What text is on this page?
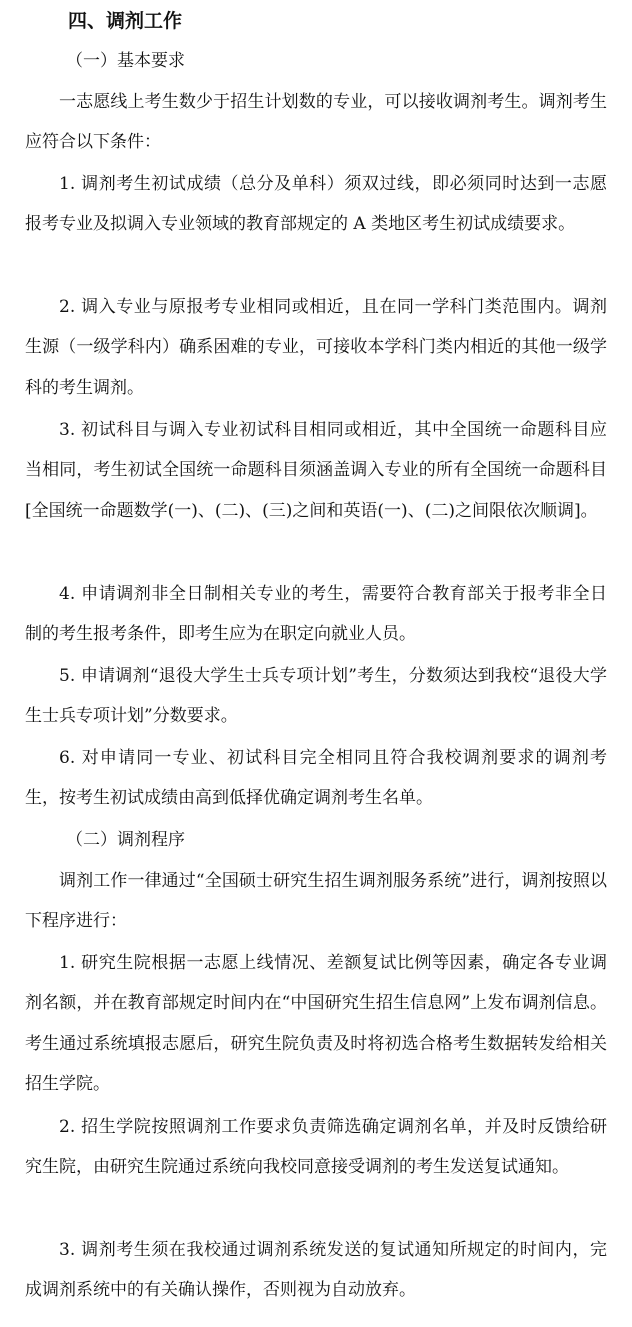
四、调剂工作
（一）基本要求

一志愿线上考生数少于招生计划数的专业，可以接收调剂考生。调剂考生应符合以下条件：

1. 调剂考生初试成绩（总分及单科）须双过线，即必须同时达到一志愿报考专业及拟调入专业领域的教育部规定的 A 类地区考生初试成绩要求。

2. 调入专业与原报考专业相同或相近，且在同一学科门类范围内。调剂生源（一级学科内）确系困难的专业，可接收本学科门类内相近的其他一级学科的考生调剂。

3. 初试科目与调入专业初试科目相同或相近，其中全国统一命题科目应当相同，考生初试全国统一命题科目须涵盖调入专业的所有全国统一命题科目[全国统一命题数学(一)、(二)、(三)之间和英语(一)、(二)之间限依次顺调]。

4. 申请调剂非全日制相关专业的考生，需要符合教育部关于报考非全日制的考生报考条件，即考生应为在职定向就业人员。

5. 申请调剂“退役大学生士兵专项计划”考生，分数须达到我校“退役大学生士兵专项计划”分数要求。

6. 对申请同一专业、初试科目完全相同且符合我校调剂要求的调剂考生，按考生初试成绩由高到低择优确定调剂考生名单。

（二）调剂程序

调剂工作一律通过“全国硕士研究生招生调剂服务系统”进行，调剂按照以下程序进行：

1. 研究生院根据一志愿上线情况、差额复试比例等因素，确定各专业调剂名额，并在教育部规定时间内在“中国研究生招生信息网”上发布调剂信息。考生通过系统填报志愿后，研究生院负责及时将初选合格考生数据转发给相关招生学院。

2. 招生学院按照调剂工作要求负责筛选确定调剂名单，并及时反馈给研究生院，由研究生院通过系统向我校同意接受调剂的考生发送复试通知。

3. 调剂考生须在我校通过调剂系统发送的复试通知所规定的时间内，完成调剂系统中的有关确认操作，否则视为自动放弃。
